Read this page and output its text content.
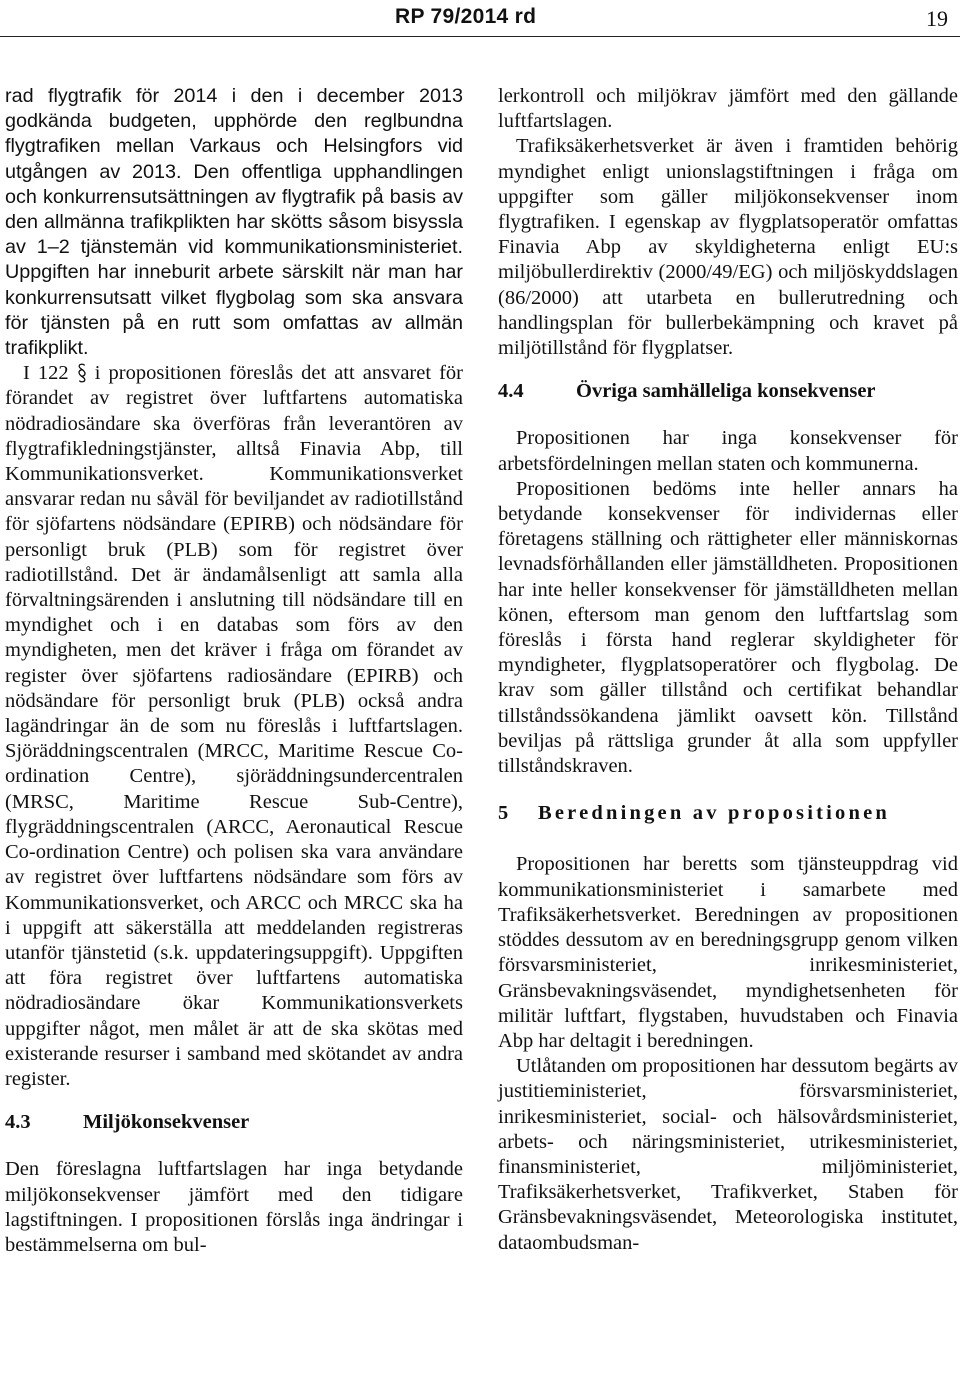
RP 79/2014 rd	19

rad flygtrafik för 2014 i den i december 2013 godkända budgeten, upphörde den reglbundna flygtrafiken mellan Varkaus och Helsingfors vid utgången av 2013. Den offentliga upphandlingen och konkurrensutsättningen av flygtrafik på basis av den allmänna trafikplikten har skötts såsom bisyssla av 1–2 tjänstemän vid kommunikationsministeriet. Uppgiften har inneburit arbete särskilt när man har konkurrensutsatt vilket flygbolag som ska ansvara för tjänsten på en rutt som omfattas av allmän trafikplikt.

I 122 i propositionen föreslås det att ansvaret för förandet av registret över luftfartens automatiska nödradiosändare ska överföras från leverantören av flygtrafikledningstjänster, alltså Finavia Abp, till Kommunikationsverket. Kommunikationsverket ansvarar redan nu såväl för beviljandet av radiotillstånd för sjöfartens nödsändare (EPIRB) och nödsändare för personligt bruk (PLB) som för registret över radiotillstånd. Det är ändamålsenligt att samla alla förvaltningsärenden i anslutning till nödsändare till en myndighet och i en databas som förs av den myndigheten, men det kräver i fråga om förandet av register över sjöfartens radiosändare (EPIRB) och nödsändare för personligt bruk (PLB) också andra lagändringar än de som nu föreslås i luftfartslagen. Sjöräddningscentralen (MRCC, Maritime Rescue Co-ordination Centre), sjöräddningsundercentralen (MRSC, Maritime Rescue Sub-Centre), flygräddningscentralen (ARCC, Aeronautical Rescue Co-ordination Centre) och polisen ska vara användare av registret över luftfartens nödsändare som förs av Kommunikationsverket, och ARCC och MRCC ska ha i uppgift att säkerställa att meddelanden registreras utanför tjänstetid (s.k. uppdateringsuppgift). Uppgiften att föra registret över luftfartens automatiska nödradiosändare ökar Kommunikationsverkets uppgifter något, men målet är att de ska skötas med existerande resurser i samband med skötandet av andra register.

4.3	Miljökonsekvenser

Den föreslagna luftfartslagen har inga betydande miljökonsekvenser jämfört med den tidigare lagstiftningen. I propositionen förslås inga ändringar i bestämmelserna om bul-

lerkontroll och miljökrav jämfört med den gällande luftfartslagen.

Trafiksäkerhetsverket är även i framtiden behörig myndighet enligt unionslagstiftningen i fråga om uppgifter som gäller miljökonsekvenser inom flygtrafiken. I egenskap av flygplatsoperatör omfattas Finavia Abp av skyldigheterna enligt EU:s miljöbullerdirektiv (2000/49/EG) och miljöskyddslagen (86/2000) att utarbeta en bullerutredning och handlingsplan för bullerbekämpning och kravet på miljötillstånd för flygplatser.

4.4	Övriga samhälleliga konsekvenser

Propositionen har inga konsekvenser för arbetsfördelningen mellan staten och kommunerna.

Propositionen bedöms inte heller annars ha betydande konsekvenser för individernas eller företagens ställning och rättigheter eller människornas levnadsförhållanden eller jämställdheten. Propositionen har inte heller konsekvenser för jämställdheten mellan könen, eftersom man genom den luftfartslag som föreslås i första hand reglerar skyldigheter för myndigheter, flygplatsoperatörer och flygbolag. De krav som gäller tillstånd och certifikat behandlar tillståndssökandena jämlikt oavsett kön. Tillstånd beviljas på rättsliga grunder åt alla som uppfyller tillståndskraven.

5 Beredningen av propositionen

Propositionen har beretts som tjänsteuppdrag vid kommunikationsministeriet i samarbete med Trafiksäkerhetsverket. Beredningen av propositionen stöddes dessutom av en beredningsgrupp genom vilken försvarsministeriet, inrikesministeriet, Gränsbevakningsväsendet, myndighetsenheten för militär luftfart, flygstaben, huvudstaben och Finavia Abp har deltagit i beredningen.

Utlåtanden om propositionen har dessutom begärts av justitieministeriet, försvarsministeriet, inrikesministeriet, social- och hälsovårdsministeriet, arbets- och näringsministeriet, utrikesministeriet, finansministeriet, miljöministeriet, Trafiksäkerhetsverket, Trafikverket, Staben för Gränsbevakningsväsendet, Meteorologiska institutet, dataombudsman-
